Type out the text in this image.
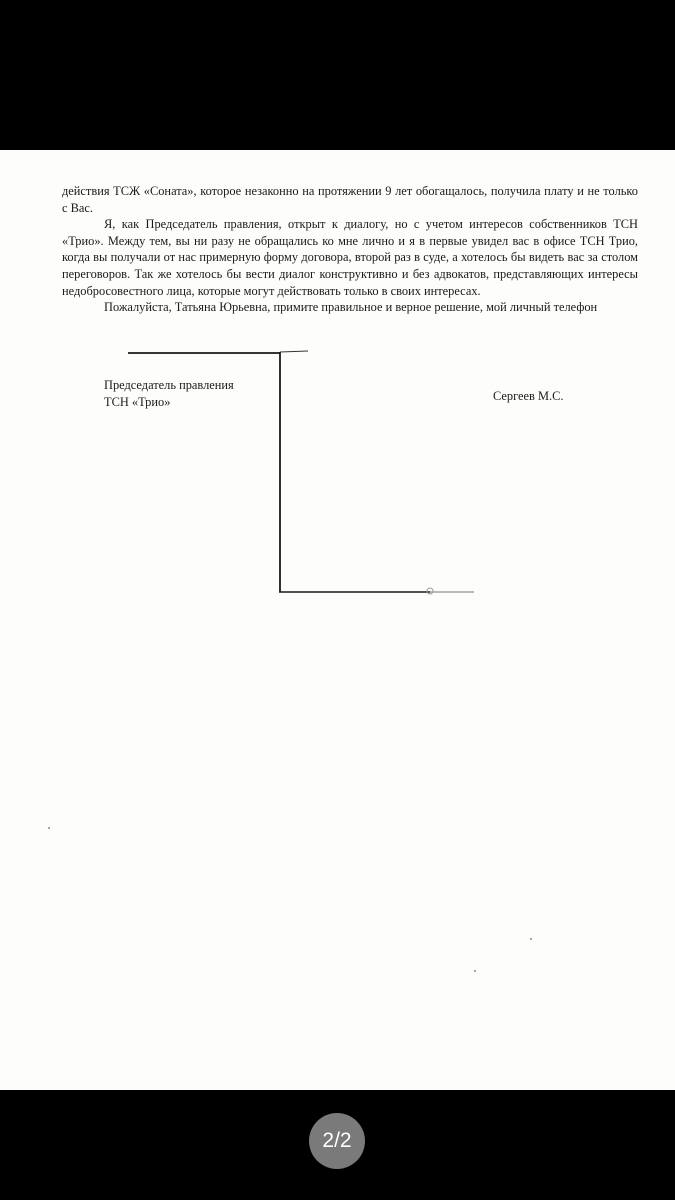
действия ТСЖ «Соната», которое незаконно на протяжении 9 лет обогащалось, получила плату и не только с Вас.

Я, как Председатель правления, открыт к диалогу, но с учетом интересов собственников ТСН «Трио». Между тем, вы ни разу не обращались ко мне лично и я в первые увидел вас в офисе ТСН Трио, когда вы получали от нас примерную форму договора, второй раз в суде, а хотелось бы видеть вас за столом переговоров. Так же хотелось бы вести диалог конструктивно и без адвокатов, представляющих интересы недобросовестного лица, которые могут действовать только в своих интересах.

Пожалуйста, Татьяна Юрьевна, примите правильное и верное решение, мой личный телефон

Председатель правления
ТСН «Трио»	Сергеев М.С.
2/2
